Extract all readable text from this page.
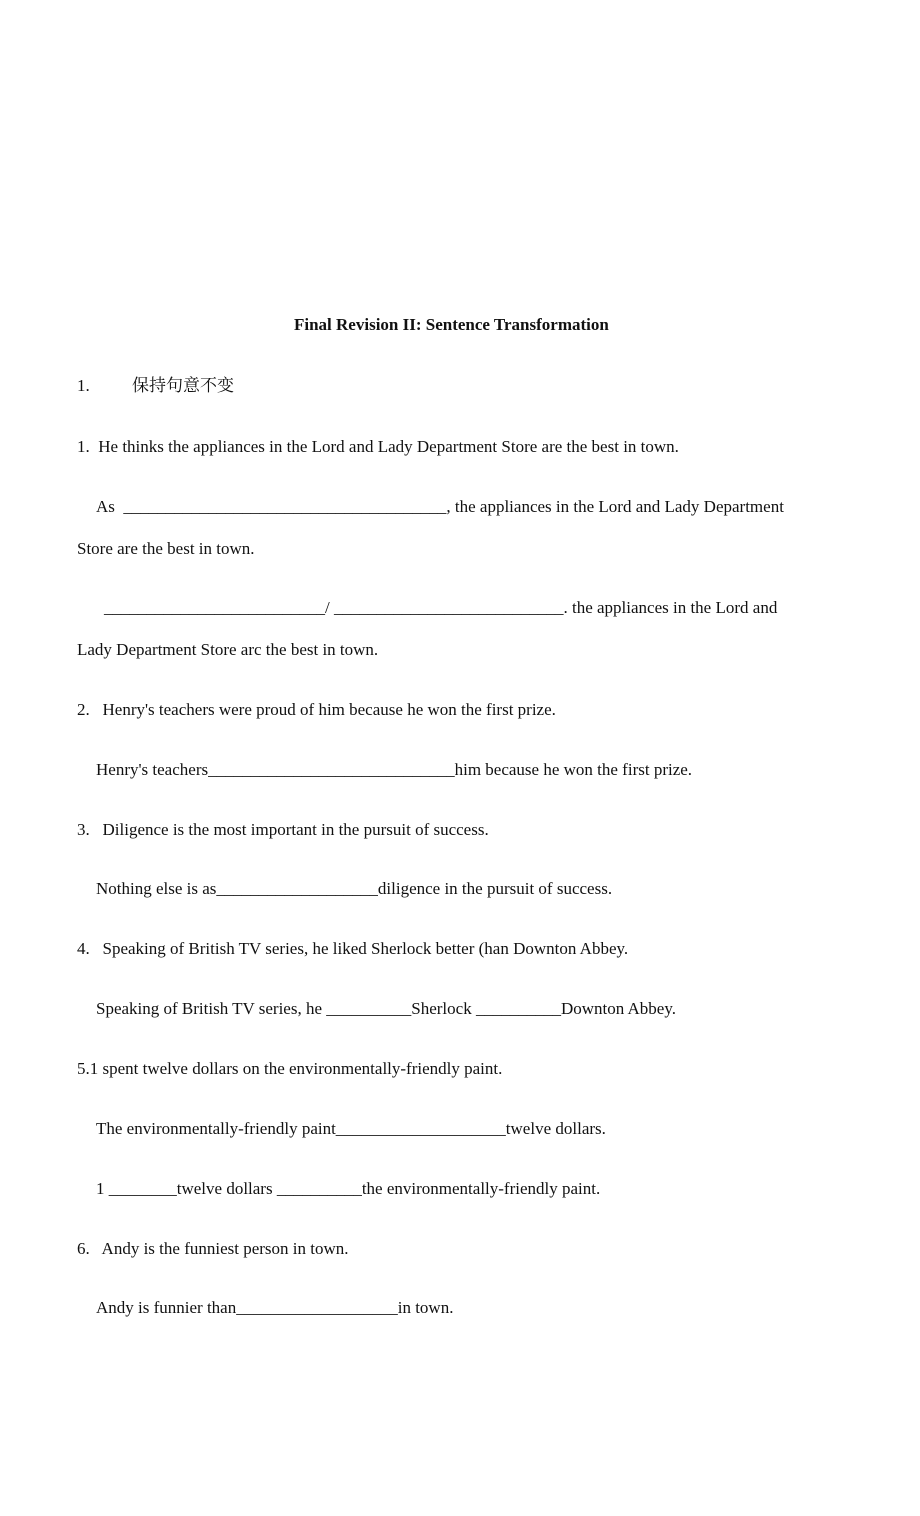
Final Revision II: Sentence Transformation
1. 保持句意不变
1.  He thinks the appliances in the Lord and Lady Department Store are the best in town.
As  ______________________________________, the appliances in the Lord and Lady Department
Store are the best in town.
__________________________/ ___________________________. the appliances in the Lord and
Lady Department Store arc the best in town.
2.   Henry's teachers were proud of him because he won the first prize.
Henry's teachers_____________________________him because he won the first prize.
3.   Diligence is the most important in the pursuit of success.
Nothing else is as___________________diligence in the pursuit of success.
4.   Speaking of British TV series, he liked Sherlock better (han Downton Abbey.
Speaking of British TV series, he __________Sherlock __________Downton Abbey.
5.1 spent twelve dollars on the environmentally-friendly paint.
The environmentally-friendly paint____________________twelve dollars.
1 ________twelve dollars __________the environmentally-friendly paint.
6.   Andy is the funniest person in town.
Andy is funnier than___________________in town.
